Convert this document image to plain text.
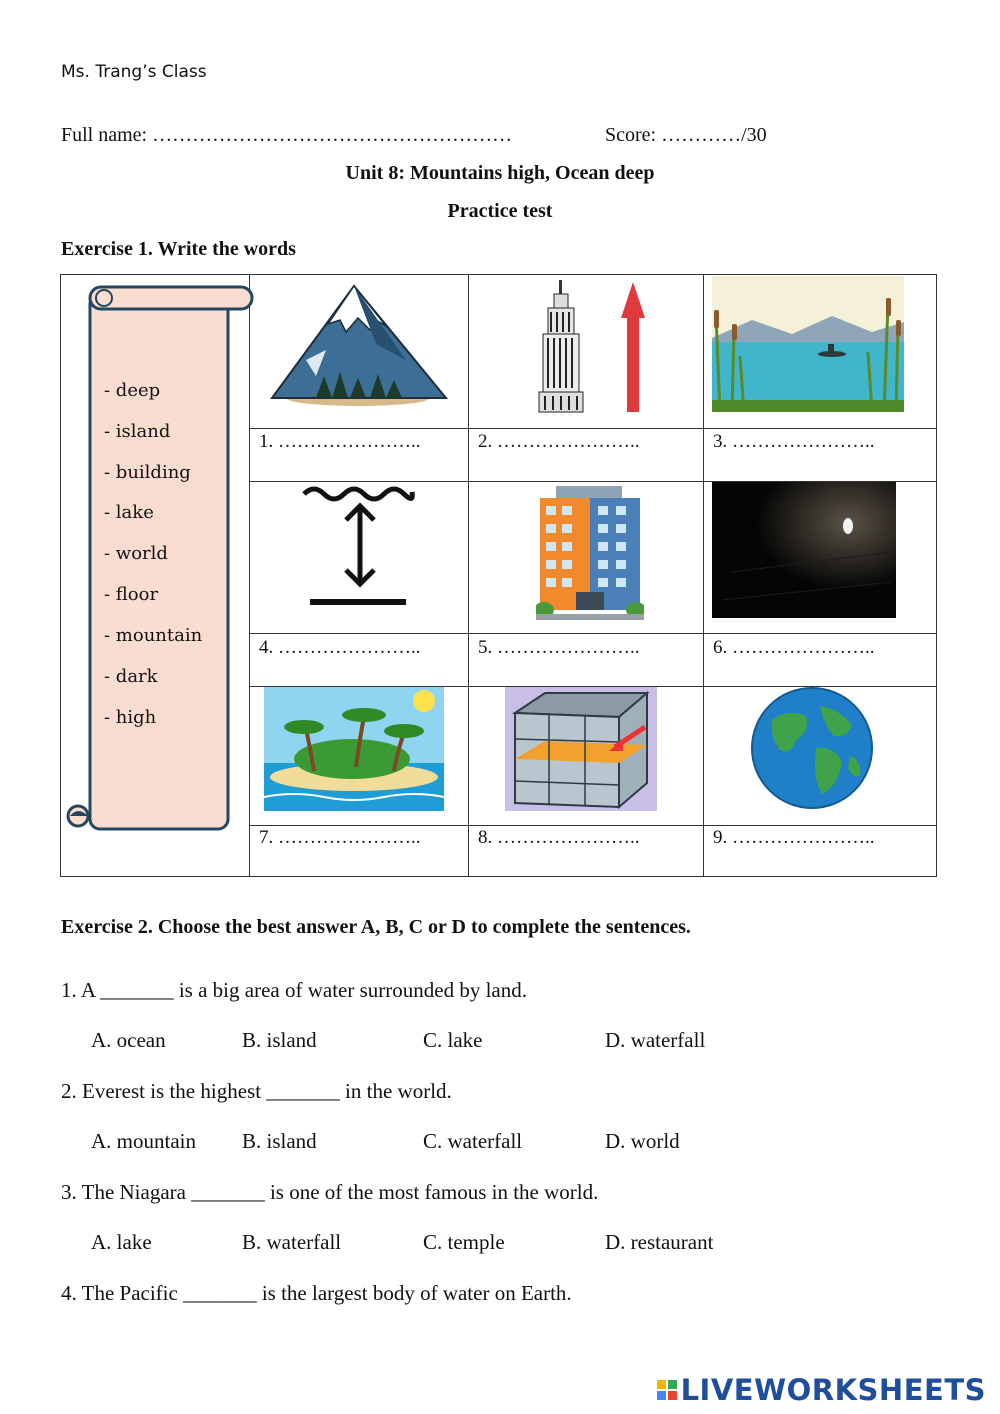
Ms. Trang’s Class
Full name: ………………………………………………	Score: …………/30
Unit 8: Mountains high, Ocean deep
Practice test
Exercise 1. Write the words
- deep
- island
- building
- lake
- world
- floor
- mountain
- dark
- high
1. …………………..	2. …………………..	3. …………………..
4. …………………..	5. …………………..	6. …………………..
7. …………………..	8. …………………..	9. …………………..
Exercise 2. Choose the best answer A, B, C or D to complete the sentences.
1. A _______ is a big area of water surrounded by land.
A. ocean	B. island	C. lake	D. waterfall
2. Everest is the highest _______ in the world.
A. mountain B. island	C. waterfall	D. world
3. The Niagara _______ is one of the most famous in the world.
A. lake	B. waterfall	C. temple	D. restaurant
4. The Pacific _______ is the largest body of water on Earth.
LIVEWORKSHEETS
